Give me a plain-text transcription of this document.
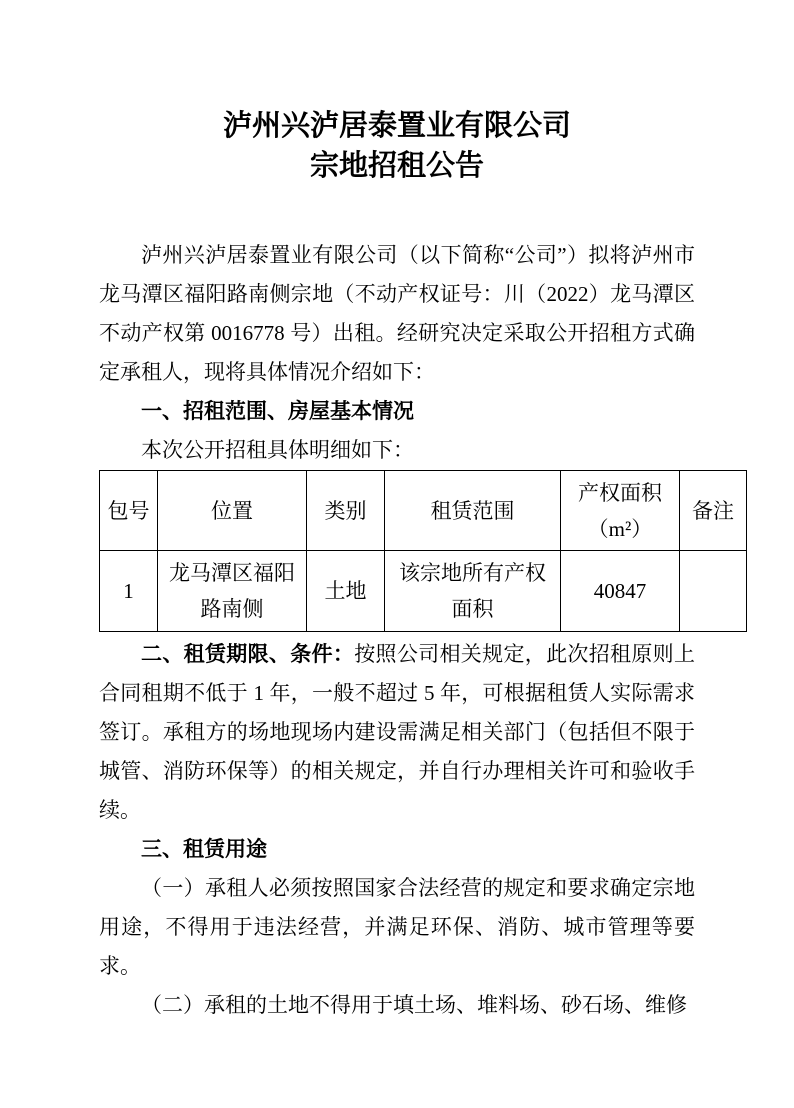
泸州兴泸居泰置业有限公司
宗地招租公告

泸州兴泸居泰置业有限公司（以下简称“公司”）拟将泸州市龙马潭区福阳路南侧宗地（不动产权证号：川（2022）龙马潭区不动产权第 0016778 号）出租。经研究决定采取公开招租方式确定承租人，现将具体情况介绍如下：

一、招租范围、房屋基本情况

本次公开招租具体明细如下：

包号	位置	类别	租赁范围	产权面积（m²）	备注
1	龙马潭区福阳路南侧	土地	该宗地所有产权面积	40847	

二、租赁期限、条件：按照公司相关规定，此次招租原则上合同租期不低于 1 年，一般不超过 5 年，可根据租赁人实际需求签订。承租方的场地现场内建设需满足相关部门（包括但不限于城管、消防环保等）的相关规定，并自行办理相关许可和验收手续。

三、租赁用途

（一）承租人必须按照国家合法经营的规定和要求确定宗地用途，不得用于违法经营，并满足环保、消防、城市管理等要求。

（二）承租的土地不得用于填土场、堆料场、砂石场、维修
